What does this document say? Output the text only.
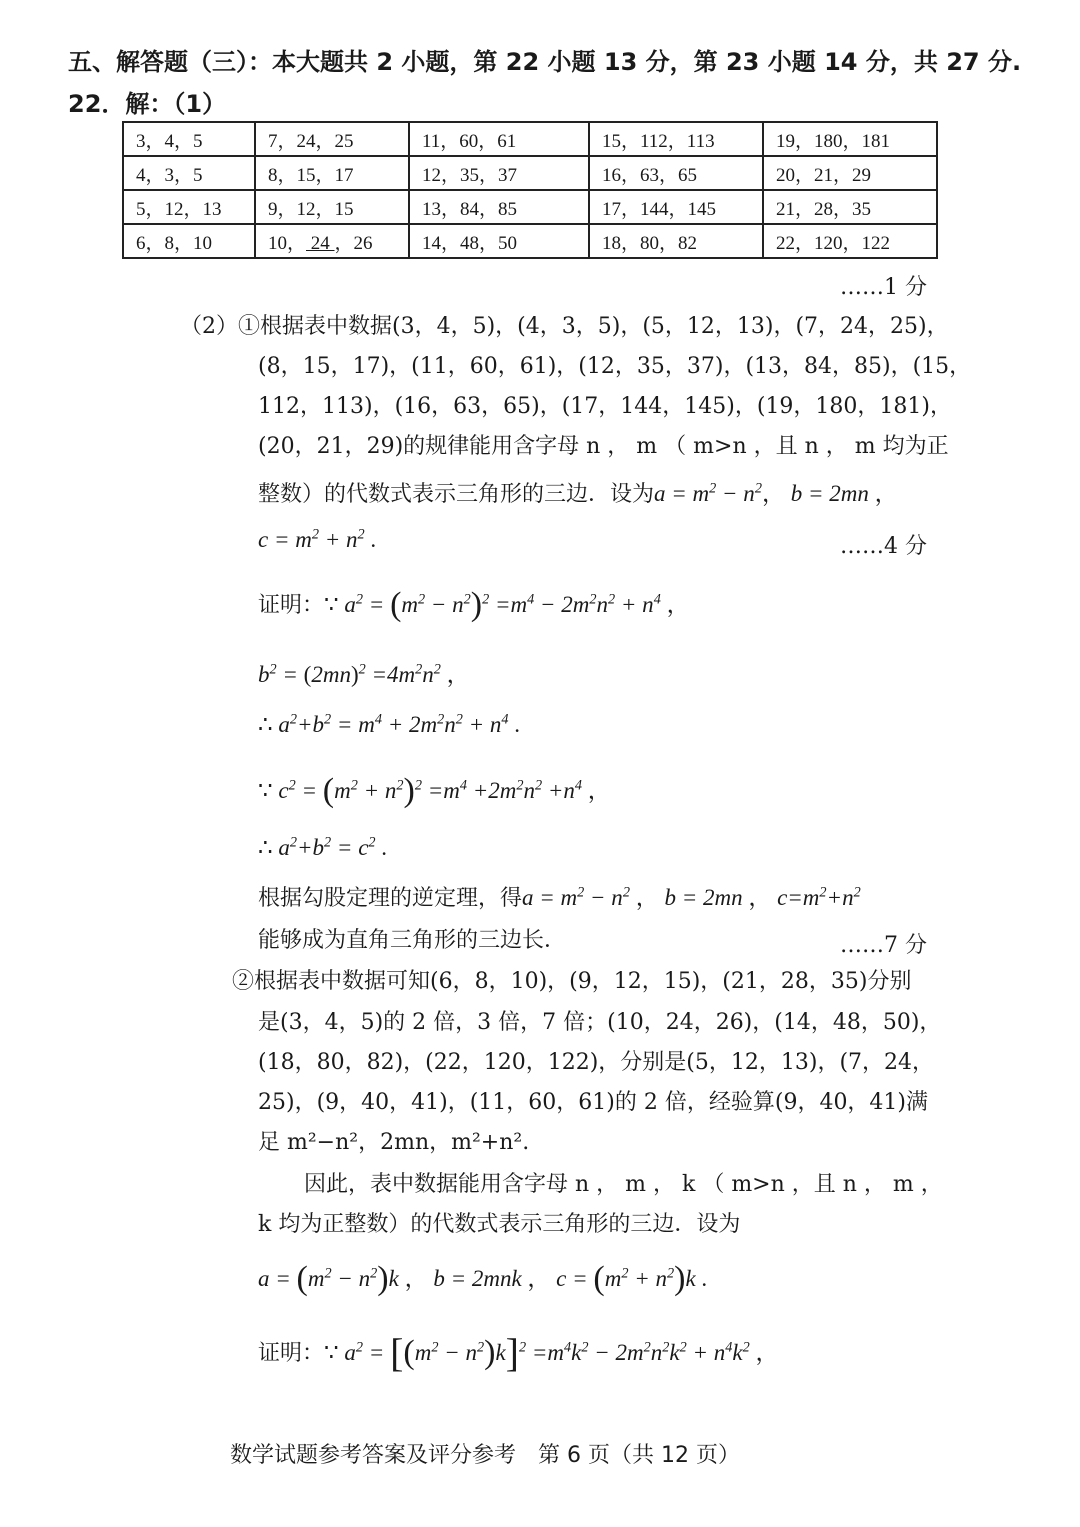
五、解答题（三）：本大题共 2 小题，第 22 小题 13 分，第 23 小题 14 分，共 27 分.
22．解：（1）
3，4，5	7，24，25	11，60，61	15，112，113	19，180，181
4，3，5	8，15，17	12，35，37	16，63，65	20，21，29
5，12，13	9，12，15	13，84，85	17，144，145	21，28，35
6，8，10	10， 24 ，26	14，48，50	18，80，82	22，120，122
……1 分
（2）①根据表中数据(3，4，5)，(4，3，5)，(5，12，13)，(7，24，25)，
(8，15，17)，(11，60，61)，(12，35，37)，(13，84，85)，(15，
112，113)，(16，63，65)，(17，144，145)，(19，180，181)，
(20，21，29)的规律能用含字母 n ， m （ m>n ，且 n ， m 均为正
整数）的代数式表示三角形的三边．设为$a = m^2 - n^2$， b = 2mn ，
$c = m^2 + n^2$ .	……4 分
证明：∵ $a^2 = (m^2 - n^2)^2 =m^4 - 2m^2n^2 + n^4$ ，
$b^2 = (2mn)^2 =4m^2n^2$ ，
∴ $a^2+b^2 = m^4 + 2m^2n^2 + n^4$ .
∵ $c^2 = (m^2 + n^2)^2 =m^4 +2m^2n^2 +n^4$ ，
∴ $a^2+b^2 = c^2$ .
根据勾股定理的逆定理，得$a = m^2 - n^2$ ， b = 2mn ， $c=m^2+n^2$
能够成为直角三角形的三边长．	……7 分
②根据表中数据可知(6，8，10)，(9，12，15)，(21，28，35)分别
是(3，4，5)的 2 倍，3 倍，7 倍；(10，24，26)，(14，48，50)，
(18，80，82)，(22，120，122)，分别是(5，12，13)，(7，24，
25)，(9，40，41)，(11，60，61)的 2 倍，经验算(9，40，41)满
足 m²−n²，2mn，m²+n².
因此，表中数据能用含字母 n ， m ， k （ m>n ，且 n ， m ，
k 均为正整数）的代数式表示三角形的三边．设为
$a = (m^2 - n^2)k$ ， b = 2mnk ， $c = (m^2 + n^2)k$ .
证明：∵ $a^2 = [(m^2 - n^2)k]^2 =m^4k^2 - 2m^2n^2k^2 + n^4k^2$ ，
数学试题参考答案及评分参考　第 6 页（共 12 页）
